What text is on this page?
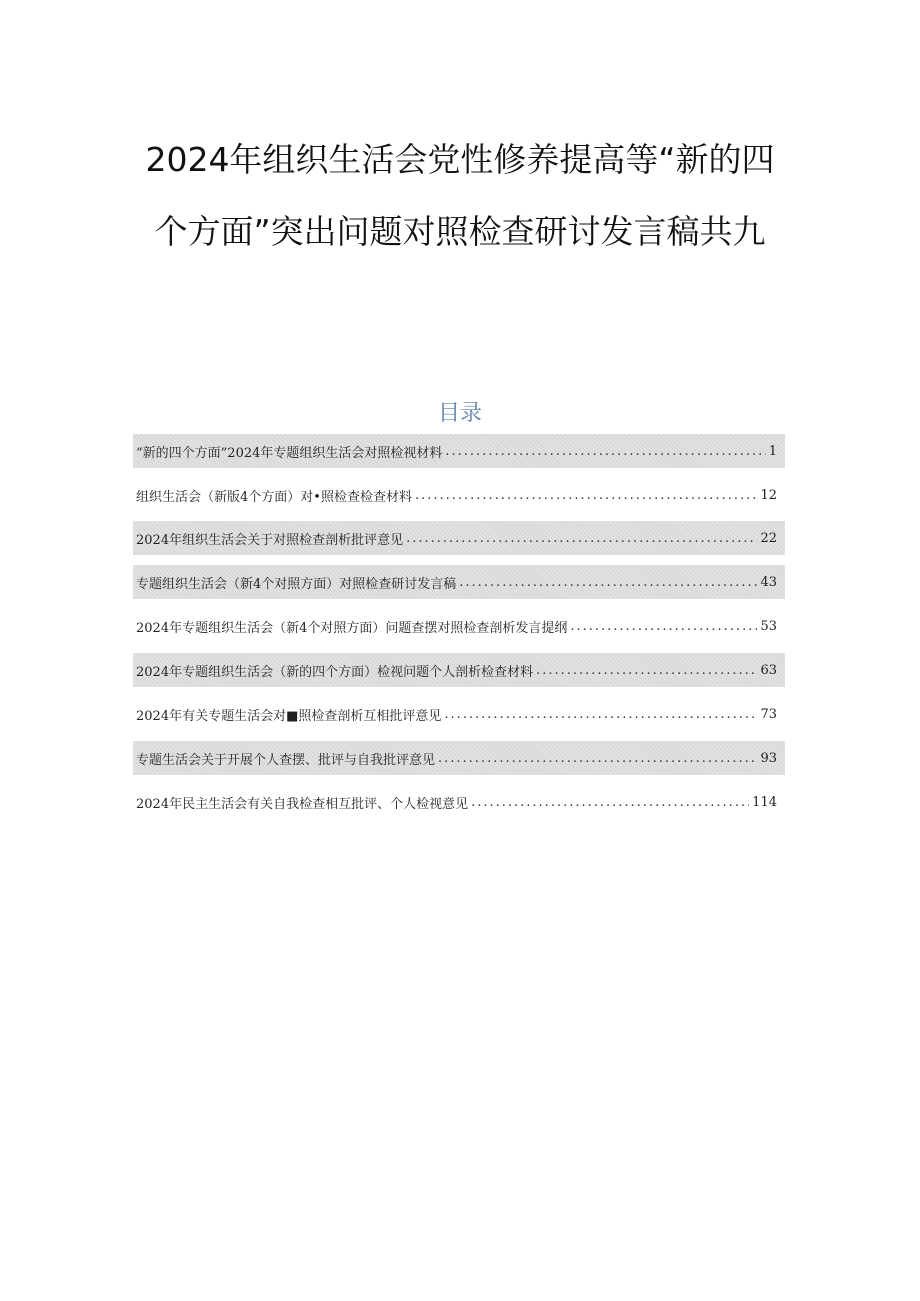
2024年组织生活会党性修养提高等“新的四
个方面”突出问题对照检查研讨发言稿共九
目录
“新的四个方面”2024年专题组织生活会对照检视材料 .....	1
组织生活会（新版4个方面）对•照检查检查材料 .....	12
2024年组织生活会关于对照检查剖析批评意见 .....	22
专题组织生活会（新4个对照方面）对照检查研讨发言稿 .....	43
2024年专题组织生活会（新4个对照方面）问题查摆对照检查剖析发言提纲 .....	53
2024年专题组织生活会（新的四个方面）检视问题个人剖析检查材料 .....	63
2024年有关专题生活会对■照检查剖析互相批评意见 .....	73
专题生活会关于开展个人查摆、批评与自我批评意见 .....	93
2024年民主生活会有关自我检查相互批评、个人检视意见 .....	114
